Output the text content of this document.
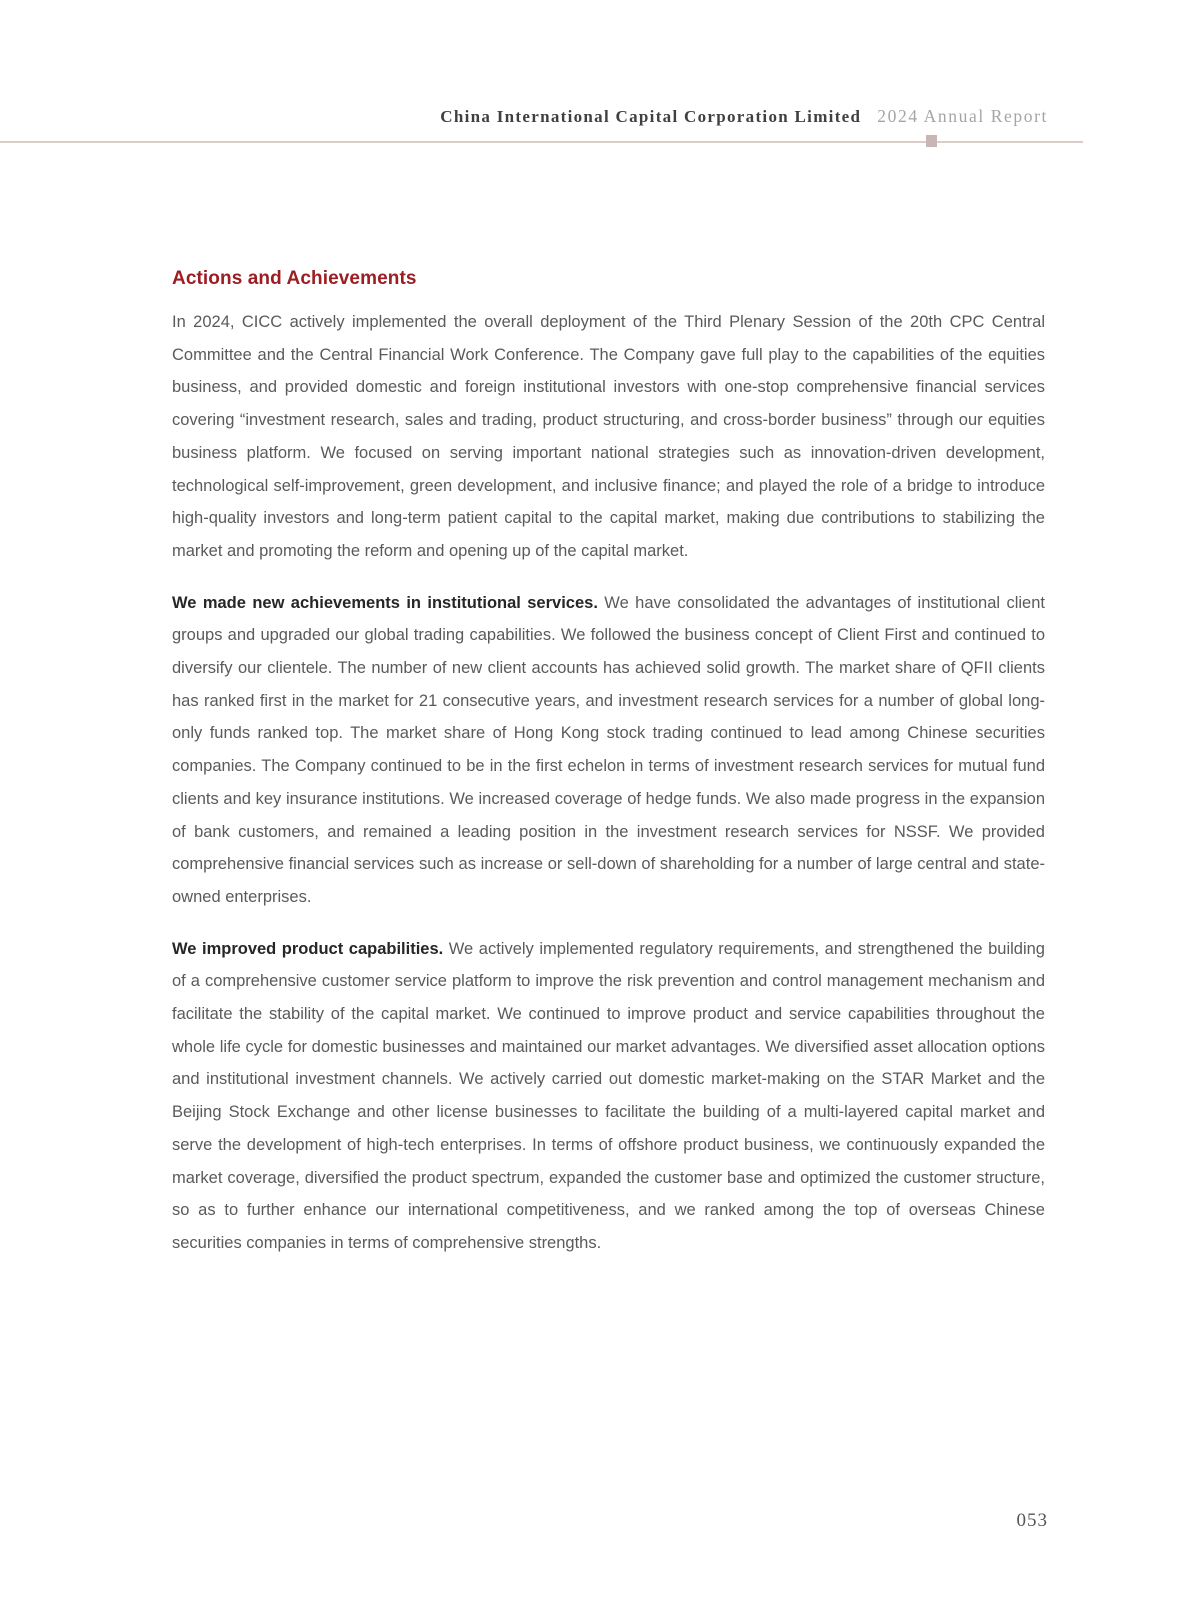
China International Capital Corporation Limited 2024 Annual Report
Actions and Achievements

In 2024, CICC actively implemented the overall deployment of the Third Plenary Session of the 20th CPC Central Committee and the Central Financial Work Conference. The Company gave full play to the capabilities of the equities business, and provided domestic and foreign institutional investors with one-stop comprehensive financial services covering “investment research, sales and trading, product structuring, and cross-border business” through our equities business platform. We focused on serving important national strategies such as innovation-driven development, technological self-improvement, green development, and inclusive finance; and played the role of a bridge to introduce high-quality investors and long-term patient capital to the capital market, making due contributions to stabilizing the market and promoting the reform and opening up of the capital market.

We made new achievements in institutional services. We have consolidated the advantages of institutional client groups and upgraded our global trading capabilities. We followed the business concept of Client First and continued to diversify our clientele. The number of new client accounts has achieved solid growth. The market share of QFII clients has ranked first in the market for 21 consecutive years, and investment research services for a number of global long-only funds ranked top. The market share of Hong Kong stock trading continued to lead among Chinese securities companies. The Company continued to be in the first echelon in terms of investment research services for mutual fund clients and key insurance institutions. We increased coverage of hedge funds. We also made progress in the expansion of bank customers, and remained a leading position in the investment research services for NSSF. We provided comprehensive financial services such as increase or sell-down of shareholding for a number of large central and state-owned enterprises.

We improved product capabilities. We actively implemented regulatory requirements, and strengthened the building of a comprehensive customer service platform to improve the risk prevention and control management mechanism and facilitate the stability of the capital market. We continued to improve product and service capabilities throughout the whole life cycle for domestic businesses and maintained our market advantages. We diversified asset allocation options and institutional investment channels. We actively carried out domestic market-making on the STAR Market and the Beijing Stock Exchange and other license businesses to facilitate the building of a multi-layered capital market and serve the development of high-tech enterprises. In terms of offshore product business, we continuously expanded the market coverage, diversified the product spectrum, expanded the customer base and optimized the customer structure, so as to further enhance our international competitiveness, and we ranked among the top of overseas Chinese securities companies in terms of comprehensive strengths.

053
